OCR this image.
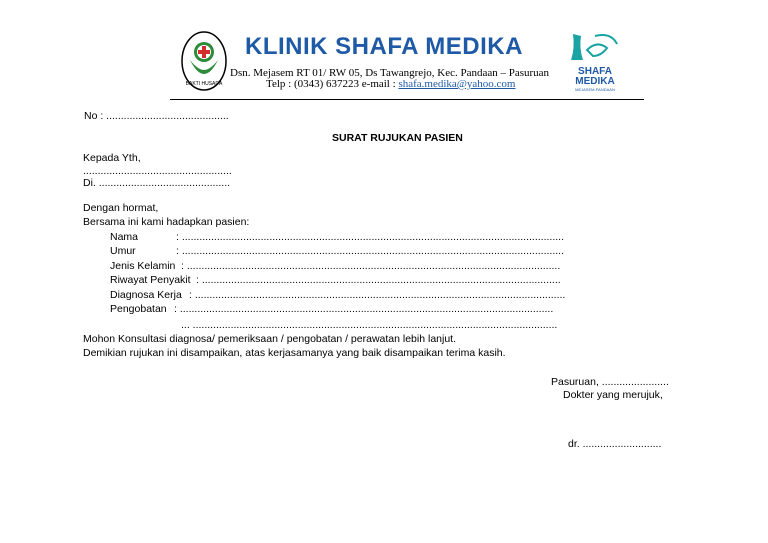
BAKTI HUSADA
KLINIK SHAFA MEDIKA
Dsn. Mejasem RT 01/ RW 05, Ds Tawangrejo, Kec. Pandaan – Pasuruan
Telp : (0343) 637223 e-mail : shafa.medika@yahoo.com
SHAFA
MEDIKA
MEJASEM-PANDAAN
No : ..........................................
SURAT RUJUKAN PASIEN
Kepada Yth,
...................................................
Di. .............................................
Dengan hormat,
Bersama ini kami hadapkan pasien:
Nama	: ...................................................................................................................................
Umur	: ...................................................................................................................................
Jenis Kelamin : ................................................................................................................................
Riwayat Penyakit : ...........................................................................................................................
Diagnosa Kerja : ...............................................................................................................................
Pengobatan : ................................................................................................................................
... .............................................................................................................................
Mohon Konsultasi diagnosa/ pemeriksaan / pengobatan / perawatan lebih lanjut.
Demikian rujukan ini disampaikan, atas kerjasamanya yang baik disampaikan terima kasih.
Pasuruan, .......................
Dokter yang merujuk,
dr. ...........................
